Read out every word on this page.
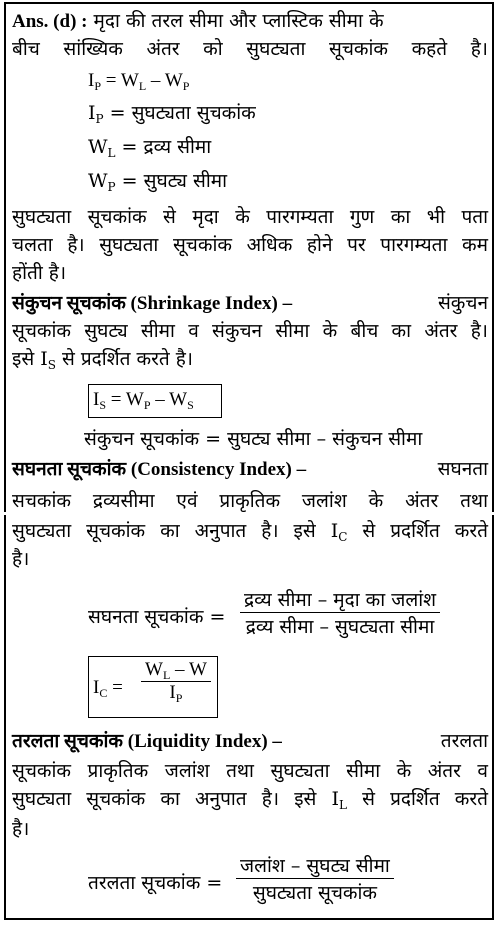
Ans. (d) : मृदा की तरल सीमा और प्लास्टिक सीमा के
बीच सांख्यिक अंतर को सुघट्यता सूचकांक कहते है।
$I_P = W_L - W_P$
$I_P$ = सुघट्यता सुचकांक
$W_L$ = द्रव्य सीमा
$W_P$ = सुघट्य सीमा
सुघट्यता सूचकांक से मृदा के पारगम्यता गुण का भी पता
चलता है। सुघट्यता सूचकांक अधिक होने पर पारगम्यता कम
होंती है।
संकुचन सूचकांक (Shrinkage Index) –	संकुचन
सूचकांक सुघट्य सीमा व संकुचन सीमा के बीच का अंतर है।
इसे $I_S$ से प्रदर्शित करते है।
$I_S = W_P - W_S$
संकुचन सूचकांक = सुघट्य सीमा – संकुचन सीमा
सघनता सूचकांक (Consistency Index) –	सघनता
सचकांक द्रव्यसीमा एवं प्राकृतिक जलांश के अंतर तथा
सुघट्यता सूचकांक का अनुपात है। इसे $I_C$ से प्रदर्शित करते
है।
सघनता सूचकांक =
द्रव्य सीमा – मृदा का जलांश
द्रव्य सीमा – सुघट्यता सीमा
$I_C$ =
$W_L$ – W
$I_P$
तरलता सूचकांक (Liquidity Index) –	तरलता
सूचकांक प्राकृतिक जलांश तथा सुघट्यता सीमा के अंतर व
सुघट्यता सूचकांक का अनुपात है। इसे $I_L$ से प्रदर्शित करते
है।
तरलता सूचकांक =
जलांश – सुघट्य सीमा
सुघट्यता सूचकांक
